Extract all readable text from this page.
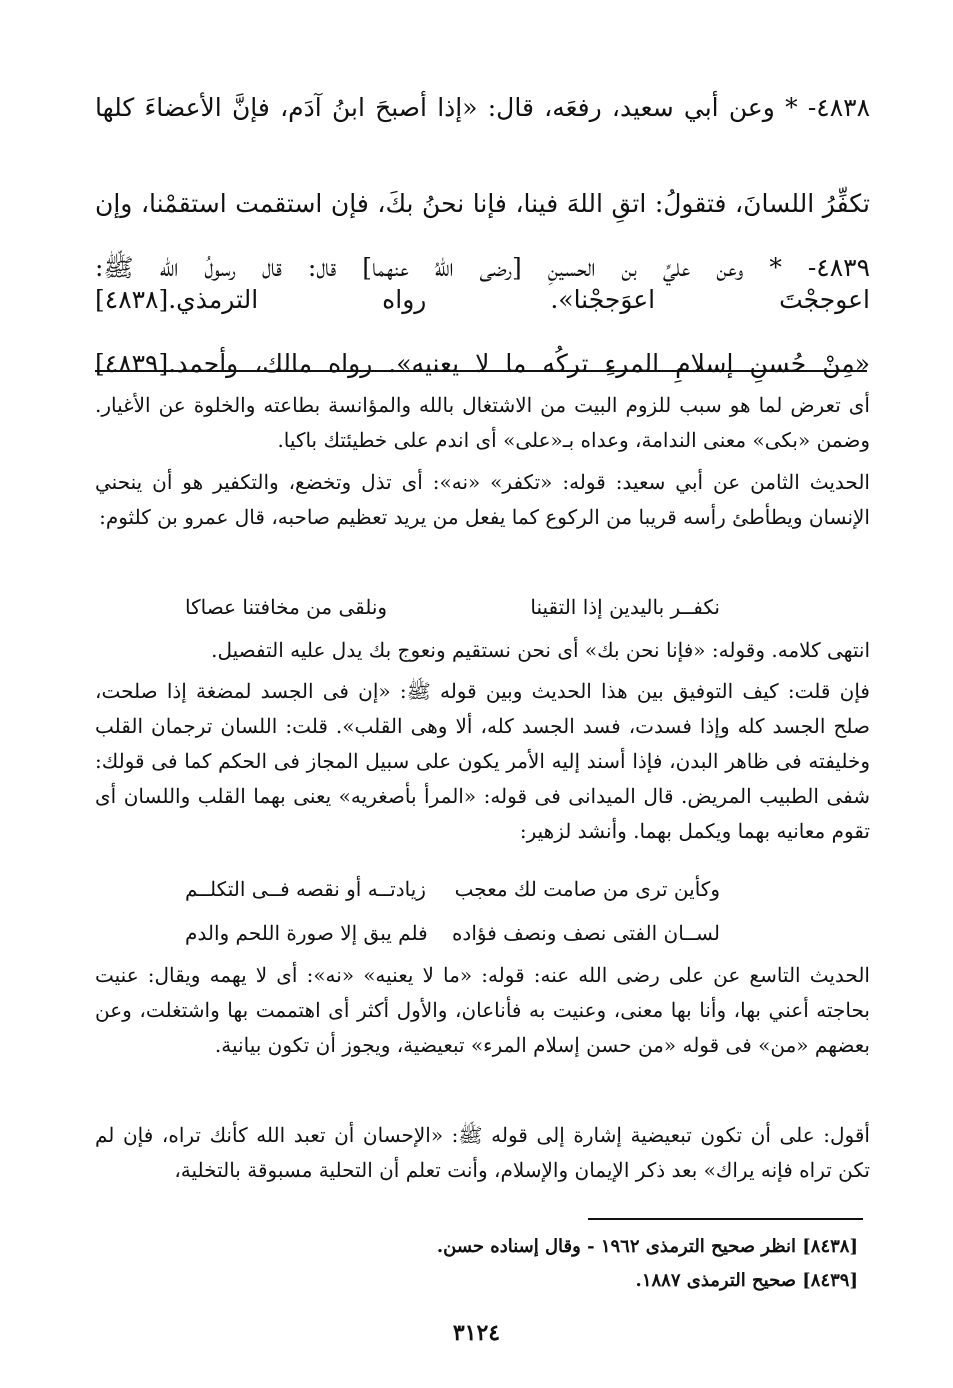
٤٨٣٨- * وعن أبي سعيد، رفعَه، قال: «إذا أصبحَ ابنُ آدَم، فإنَّ الأعضاءَ كلها

تكفِّرُ اللسانَ، فتقولُ: اتقِ اللهَ فينا، فإنا نحنُ بكَ، فإن استقمت استقمْنا، وإن

اعوججْتَ اعوَججْنا». رواه الترمذي.[٤٨٣٨]

٤٨٣٩- * وعن عليِّ بن الحسينِ [رضى اللهُ عنهما] قال: قال رسولُ الله ﷺ:

«مِنْ حُسنِ إسلامِ المرءِ تركُه ما لا يعنيه». رواه مالك، وأحمد.[٤٨٣٩]

أى تعرض لما هو سبب للزوم البيت من الاشتغال بالله والمؤانسة بطاعته والخلوة عن الأغيار. وضمن «بكى» معنى الندامة، وعداه بـ«على» أى اندم على خطيئتك باكيا.

الحديث الثامن عن أبي سعيد: قوله: «تكفر» «نه»: أى تذل وتخضع، والتكفير هو أن ينحني الإنسان ويطأطئ رأسه قريبا من الركوع كما يفعل من يريد تعظيم صاحبه، قال عمرو بن كلثوم:

نكفــر باليدين إذا التقينا
ونلقى من مخافتنا عصاكا

انتهى كلامه. وقوله: «فإنا نحن بك» أى نحن نستقيم ونعوج بك يدل عليه التفصيل.

فإن قلت: كيف التوفيق بين هذا الحديث وبين قوله ﷺ: «إن فى الجسد لمضغة إذا صلحت، صلح الجسد كله وإذا فسدت، فسد الجسد كله، ألا وهى القلب». قلت: اللسان ترجمان القلب وخليفته فى ظاهر البدن، فإذا أسند إليه الأمر يكون على سبيل المجاز فى الحكم كما فى قولك: شفى الطبيب المريض. قال الميدانى فى قوله: «المرأ بأصغريه» يعنى بهما القلب واللسان أى تقوم معانيه بهما ويكمل بهما. وأنشد لزهير:

وكأين ترى من صامت لك معجب
زيادتــه أو نقصه فــى التكلــم
لســان الفتى نصف ونصف فؤاده
فلم يبق إلا صورة اللحم والدم

الحديث التاسع عن على رضى الله عنه: قوله: «ما لا يعنيه» «نه»: أى لا يهمه ويقال: عنيت بحاجته أعني بها، وأنا بها معنى، وعنيت به فأناعان، والأول أكثر أى اهتممت بها واشتغلت، وعن بعضهم «من» فى قوله «من حسن إسلام المرء» تبعيضية، ويجوز أن تكون بيانية.

أقول: على أن تكون تبعيضية إشارة إلى قوله ﷺ: «الإحسان أن تعبد الله كأنك تراه، فإن لم تكن تراه فإنه يراك» بعد ذكر الإيمان والإسلام، وأنت تعلم أن التحلية مسبوقة بالتخلية،

[٨٤٣٨] انظر صحيح الترمذى ١٩٦٢ - وقال إسناده حسن.
[٨٤٣٩] صحيح الترمذى ١٨٨٧.
٣١٢٤
